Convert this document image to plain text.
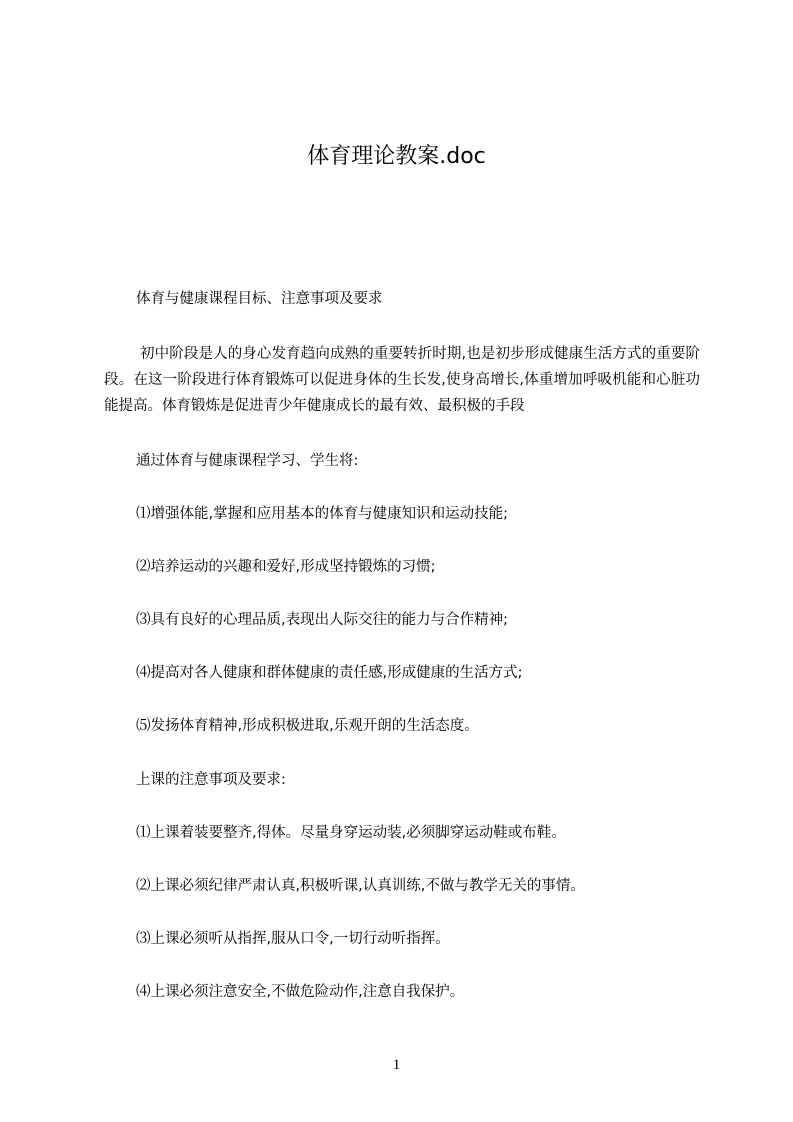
体育理论教案.doc

体育与健康课程目标、注意事项及要求

初中阶段是人的身心发育趋向成熟的重要转折时期,也是初步形成健康生活方式的重要阶段。在这一阶段进行体育锻炼可以促进身体的生长发,使身高增长,体重增加呼吸机能和心脏功能提高。体育锻炼是促进青少年健康成长的最有效、最积极的手段

通过体育与健康课程学习、学生将:

⑴增强体能,掌握和应用基本的体育与健康知识和运动技能;

⑵培养运动的兴趣和爱好,形成坚持锻炼的习惯;

⑶具有良好的心理品质,表现出人际交往的能力与合作精神;

⑷提高对各人健康和群体健康的责任感,形成健康的生活方式;

⑸发扬体育精神,形成积极进取,乐观开朗的生活态度。

上课的注意事项及要求:

⑴上课着装要整齐,得体。尽量身穿运动装,必须脚穿运动鞋或布鞋。

⑵上课必须纪律严肃认真,积极听课,认真训练,不做与教学无关的事情。

⑶上课必须听从指挥,服从口令,一切行动听指挥。

⑷上课必须注意安全,不做危险动作,注意自我保护。

1
